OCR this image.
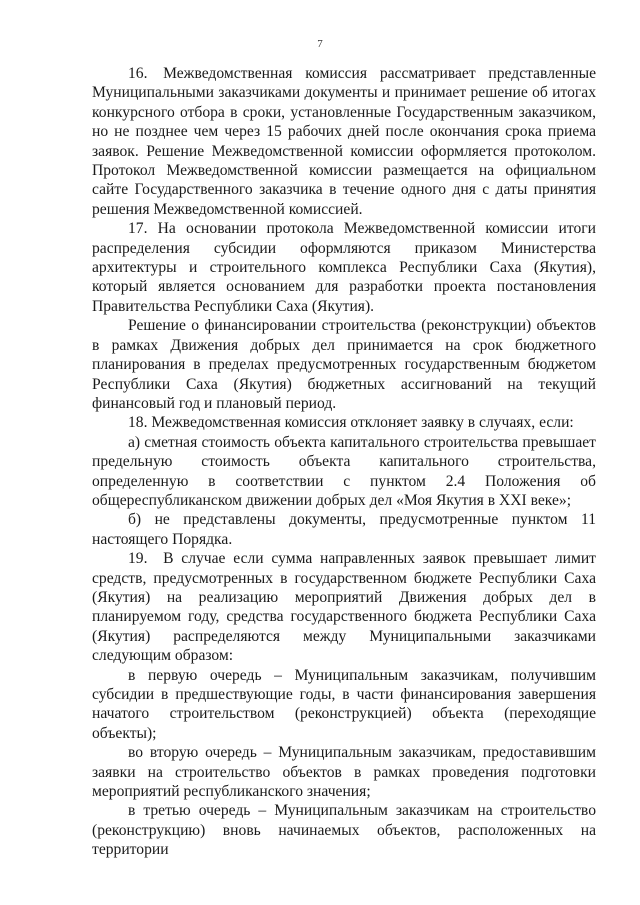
7

16. Межведомственная комиссия рассматривает представленные Муниципальными заказчиками документы и принимает решение об итогах конкурсного отбора в сроки, установленные Государственным заказчиком, но не позднее чем через 15 рабочих дней после окончания срока приема заявок. Решение Межведомственной комиссии оформляется протоколом. Протокол Межведомственной комиссии размещается на официальном сайте Государственного заказчика в течение одного дня с даты принятия решения Межведомственной комиссией.

17. На основании протокола Межведомственной комиссии итоги распределения субсидии оформляются приказом Министерства архитектуры и строительного комплекса Республики Саха (Якутия), который является основанием для разработки проекта постановления Правительства Республики Саха (Якутия).

Решение о финансировании строительства (реконструкции) объектов в рамках Движения добрых дел принимается на срок бюджетного планирования в пределах предусмотренных государственным бюджетом Республики Саха (Якутия) бюджетных ассигнований на текущий финансовый год и плановый период.

18. Межведомственная комиссия отклоняет заявку в случаях, если:

а) сметная стоимость объекта капитального строительства превышает предельную стоимость объекта капитального строительства, определенную в соответствии с пунктом 2.4 Положения об общереспубликанском движении добрых дел «Моя Якутия в XXI веке»;

б) не представлены документы, предусмотренные пунктом 11 настоящего Порядка.

19. В случае если сумма направленных заявок превышает лимит средств, предусмотренных в государственном бюджете Республики Саха (Якутия) на реализацию мероприятий Движения добрых дел в планируемом году, средства государственного бюджета Республики Саха (Якутия) распределяются между Муниципальными заказчиками следующим образом:

в первую очередь – Муниципальным заказчикам, получившим субсидии в предшествующие годы, в части финансирования завершения начатого строительством (реконструкцией) объекта (переходящие объекты);

во вторую очередь – Муниципальным заказчикам, предоставившим заявки на строительство объектов в рамках проведения подготовки мероприятий республиканского значения;

в третью очередь – Муниципальным заказчикам на строительство (реконструкцию) вновь начинаемых объектов, расположенных на территории
